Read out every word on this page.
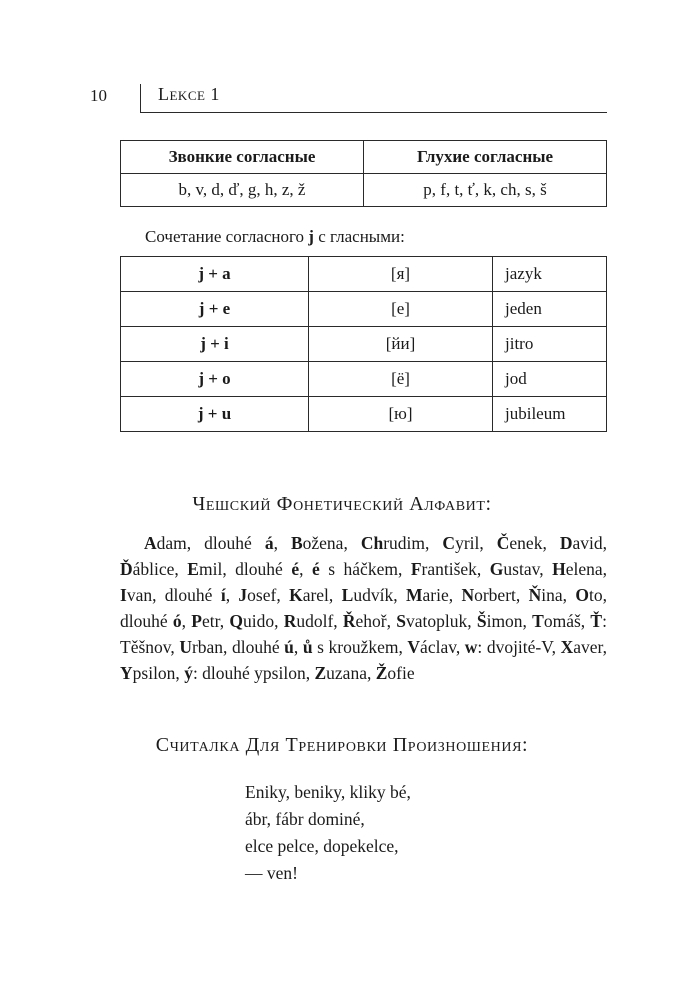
10	Lekce 1
Звонкие согласные	Глухие согласные
b, v, d, ď, g, h, z, ž	p, f, t, ť, k, ch, s, š

Сочетание согласного j с гласными:

j + a	[я]	jazyk
j + e	[е]	jeden
j + i	[йи]	jitro
j + o	[ё]	jod
j + u	[ю]	jubileum
Чешский Фонетический Алфавит:

Adam, dlouhé á, Božena, Chrudim, Cyril, Čenek, David, Ďáblice, Emil, dlouhé é, é s háčkem, František, Gustav, Helena, Ivan, dlouhé í, Josef, Karel, Ludvík, Marie, Norbert, Ňina, Oto, dlouhé ó, Petr, Quido, Rudolf, Řehoř, Svatopluk, Šimon, Tomáš, Ť: Těšnov, Urban, dlouhé ú, ů s kroužkem, Václav, w: dvojité-V, Xaver, Ypsilon, ý: dlouhé ypsilon, Zuzana, Žofie

Считалка Для Тренировки Произношения:
Eniky, beniky, kliky bé,
ábr, fábr dominé,
elce pelce, dopekelce,
— ven!
